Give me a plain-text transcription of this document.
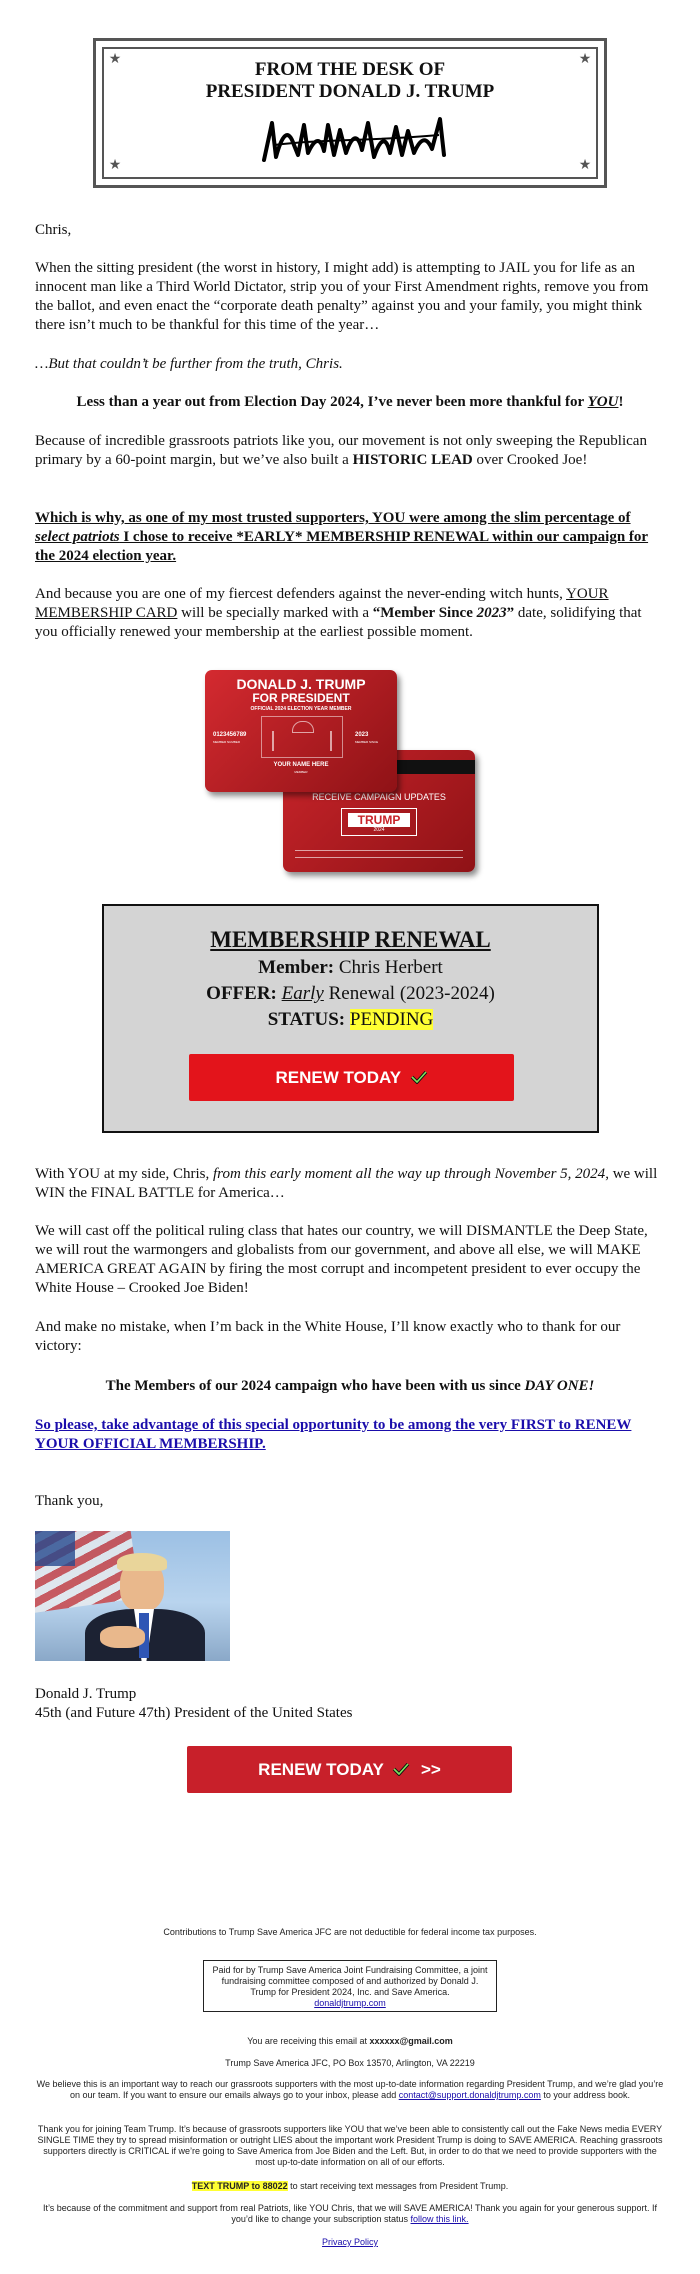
★	★
★	★
FROM THE DESK OF
PRESIDENT DONALD J. TRUMP

Chris,

When the sitting president (the worst in history, I might add) is attempting to JAIL you for life as an innocent man like a Third World Dictator, strip you of your First Amendment rights, remove you from the ballot, and even enact the “corporate death penalty” against you and your family, you might think there isn’t much to be thankful for this time of the year…

…But that couldn’t be further from the truth, Chris.

Less than a year out from Election Day 2024, I’ve never been more thankful for YOU!

Because of incredible grassroots patriots like you, our movement is not only sweeping the Republican primary by a 60-point margin, but we’ve also built a HISTORIC LEAD over Crooked Joe!

Which is why, as one of my most trusted supporters, YOU were among the slim percentage of select patriots I chose to receive *EARLY* MEMBERSHIP RENEWAL within our campaign for the 2024 election year.

And because you are one of my fiercest defenders against the never-ending witch hunts, YOUR MEMBERSHIP CARD will be specially marked with a “Member Since 2023” date, solidifying that you officially renewed your membership at the earliest possible moment.

RECEIVE CAMPAIGN UPDATES
TRUMP
2024
DONALD J. TRUMP
FOR PRESIDENT
OFFICIAL 2024 ELECTION YEAR MEMBER
0123456789
MEMBER NUMBER
2023
MEMBER SINCE
YOUR NAME HERE
MEMBER
MEMBERSHIP RENEWAL
Member: Chris Herbert
OFFER: Early Renewal (2023-2024)
STATUS: PENDING
RENEW TODAY

With YOU at my side, Chris, from this early moment all the way up through November 5, 2024, we will WIN the FINAL BATTLE for America…

We will cast off the political ruling class that hates our country, we will DISMANTLE the Deep State, we will rout the warmongers and globalists from our government, and above all else, we will MAKE AMERICA GREAT AGAIN by firing the most corrupt and incompetent president to ever occupy the White House – Crooked Joe Biden!

And make no mistake, when I’m back in the White House, I’ll know exactly who to thank for our victory:

The Members of our 2024 campaign who have been with us since DAY ONE!

So please, take advantage of this special opportunity to be among the very FIRST to RENEW YOUR OFFICIAL MEMBERSHIP.

Thank you,

Donald J. Trump

45th (and Future 47th) President of the United States

RENEW TODAY >>
Contributions to Trump Save America JFC are not deductible for federal income tax purposes.
Paid for by Trump Save America Joint Fundraising Committee, a joint fundraising committee composed of and authorized by Donald J. Trump for President 2024, Inc. and Save America.
donaldjtrump.com
You are receiving this email at xxxxxx@gmail.com
Trump Save America JFC, PO Box 13570, Arlington, VA 22219
We believe this is an important way to reach our grassroots supporters with the most up-to-date information regarding President Trump, and we’re glad you’re on our team. If you want to ensure our emails always go to your inbox, please add contact@support.donaldjtrump.com to your address book.
Thank you for joining Team Trump. It’s because of grassroots supporters like YOU that we’ve been able to consistently call out the Fake News media EVERY SINGLE TIME they try to spread misinformation or outright LIES about the important work President Trump is doing to SAVE AMERICA. Reaching grassroots supporters directly is CRITICAL if we’re going to Save America from Joe Biden and the Left. But, in order to do that we need to provide supporters with the most up-to-date information on all of our efforts.
TEXT TRUMP to 88022 to start receiving text messages from President Trump.
It’s because of the commitment and support from real Patriots, like YOU Chris, that we will SAVE AMERICA! Thank you again for your generous support. If you’d like to change your subscription status follow this link.
Privacy Policy
